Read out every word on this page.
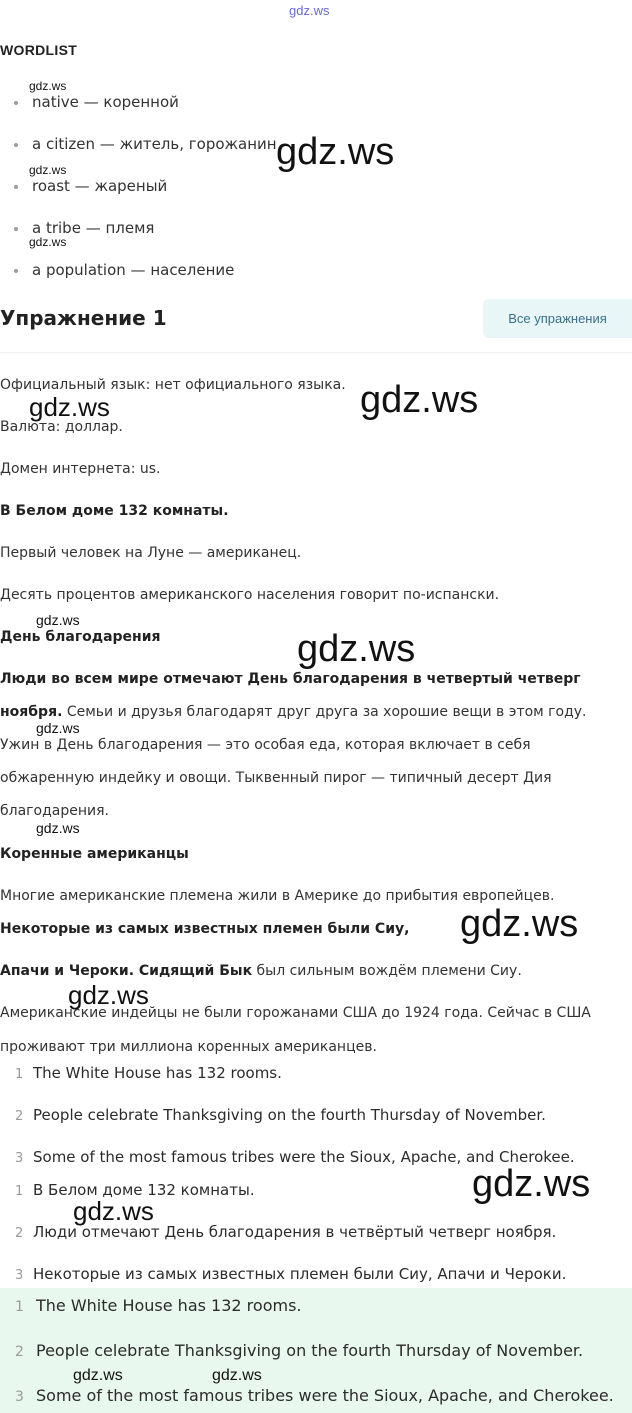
gdz.ws
WORDLIST
gdz.ws
native — коренной
a citizen — житель, горожанин gdz.ws
gdz.ws
roast — жареный
a tribe — племя
gdz.ws
a population — население
Упражнение 1	Все упражнения
Официальный язык: нет официального языка. gdz.ws
gdz.ws
Валюта: доллар.
Домен интернета: us.
В Белом доме 132 комнаты.
Первый человек на Луне — американец.
Десять процентов американского населения говорит по-испански.
gdz.ws
День благодарения	gdz.ws
Люди во всем мире отмечают День благодарения в четвертый четверг
ноября. Семьи и друзья благодарят друг друга за хорошие вещи в этом году.
gdz.ws
Ужин в День благодарения — это особая еда, которая включает в себя
обжаренную индейку и овощи. Тыквенный пирог — типичный десерт Дия
благодарения.
gdz.ws
Коренные американцы
Многие американские племена жили в Америке до прибытия европейцев.
gdz.ws
Некоторые из самых известных племен были Сиу,
Апачи и Чероки. Сидящий Бык был сильным вождём племени Сиу.
gdz.ws
Американские индейцы не были горожанами США до 1924 года. Сейчас в США
проживают три миллиона коренных американцев.
1 The White House has 132 rooms.
2 People celebrate Thanksgiving on the fourth Thursday of November.
3 Some of the most famous tribes were the Sioux, Apache, and Cherokee.
1 В Белом доме 132 комнаты.	gdz.ws
gdz.ws
2 Люди отмечают День благодарения в четвёртый четверг ноября.
3 Некоторые из самых известных племен были Сиу, Апачи и Чероки.
1 The White House has 132 rooms.
2 People celebrate Thanksgiving on the fourth Thursday of November.
gdz.ws	gdz.ws
3 Some of the most famous tribes were the Sioux, Apache, and Cherokee.
